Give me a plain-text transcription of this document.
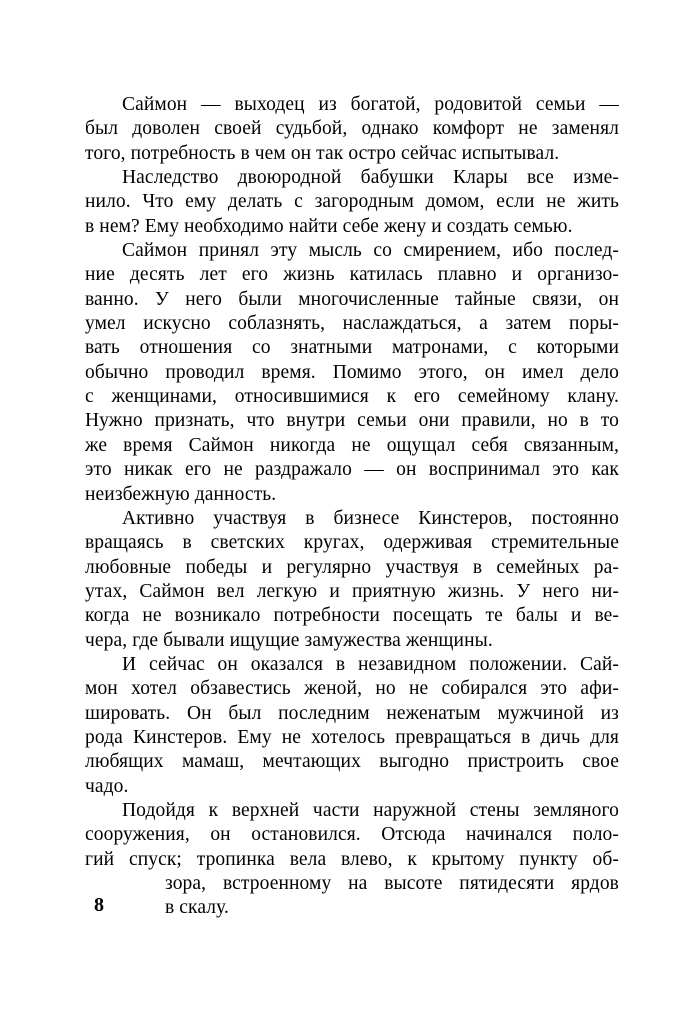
Саймон — выходец из богатой, родовитой семьи —
был доволен своей судьбой, однако комфорт не заменял
того, потребность в чем он так остро сейчас испытывал.
Наследство двоюродной бабушки Клары все изме-
нило. Что ему делать с загородным домом, если не жить
в нем? Ему необходимо найти себе жену и создать семью.
Саймон принял эту мысль со смирением, ибо послед-
ние десять лет его жизнь катилась плавно и организо-
ванно. У него были многочисленные тайные связи, он
умел искусно соблазнять, наслаждаться, а затем поры-
вать отношения со знатными матронами, с которыми
обычно проводил время. Помимо этого, он имел дело
с женщинами, относившимися к его семейному клану.
Нужно признать, что внутри семьи они правили, но в то
же время Саймон никогда не ощущал себя связанным,
это никак его не раздражало — он воспринимал это как
неизбежную данность.
Активно участвуя в бизнесе Кинстеров, постоянно
вращаясь в светских кругах, одерживая стремительные
любовные победы и регулярно участвуя в семейных ра-
утах, Саймон вел легкую и приятную жизнь. У него ни-
когда не возникало потребности посещать те балы и ве-
чера, где бывали ищущие замужества женщины.
И сейчас он оказался в незавидном положении. Сай-
мон хотел обзавестись женой, но не собирался это афи-
шировать. Он был последним неженатым мужчиной из
рода Кинстеров. Ему не хотелось превращаться в дичь для
любящих мамаш, мечтающих выгодно пристроить свое
чадо.
Подойдя к верхней части наружной стены земляного
сооружения, он остановился. Отсюда начинался поло-
гий спуск; тропинка вела влево, к крытому пункту об-
зора, встроенному на высоте пятидесяти ярдов
в скалу.
8
